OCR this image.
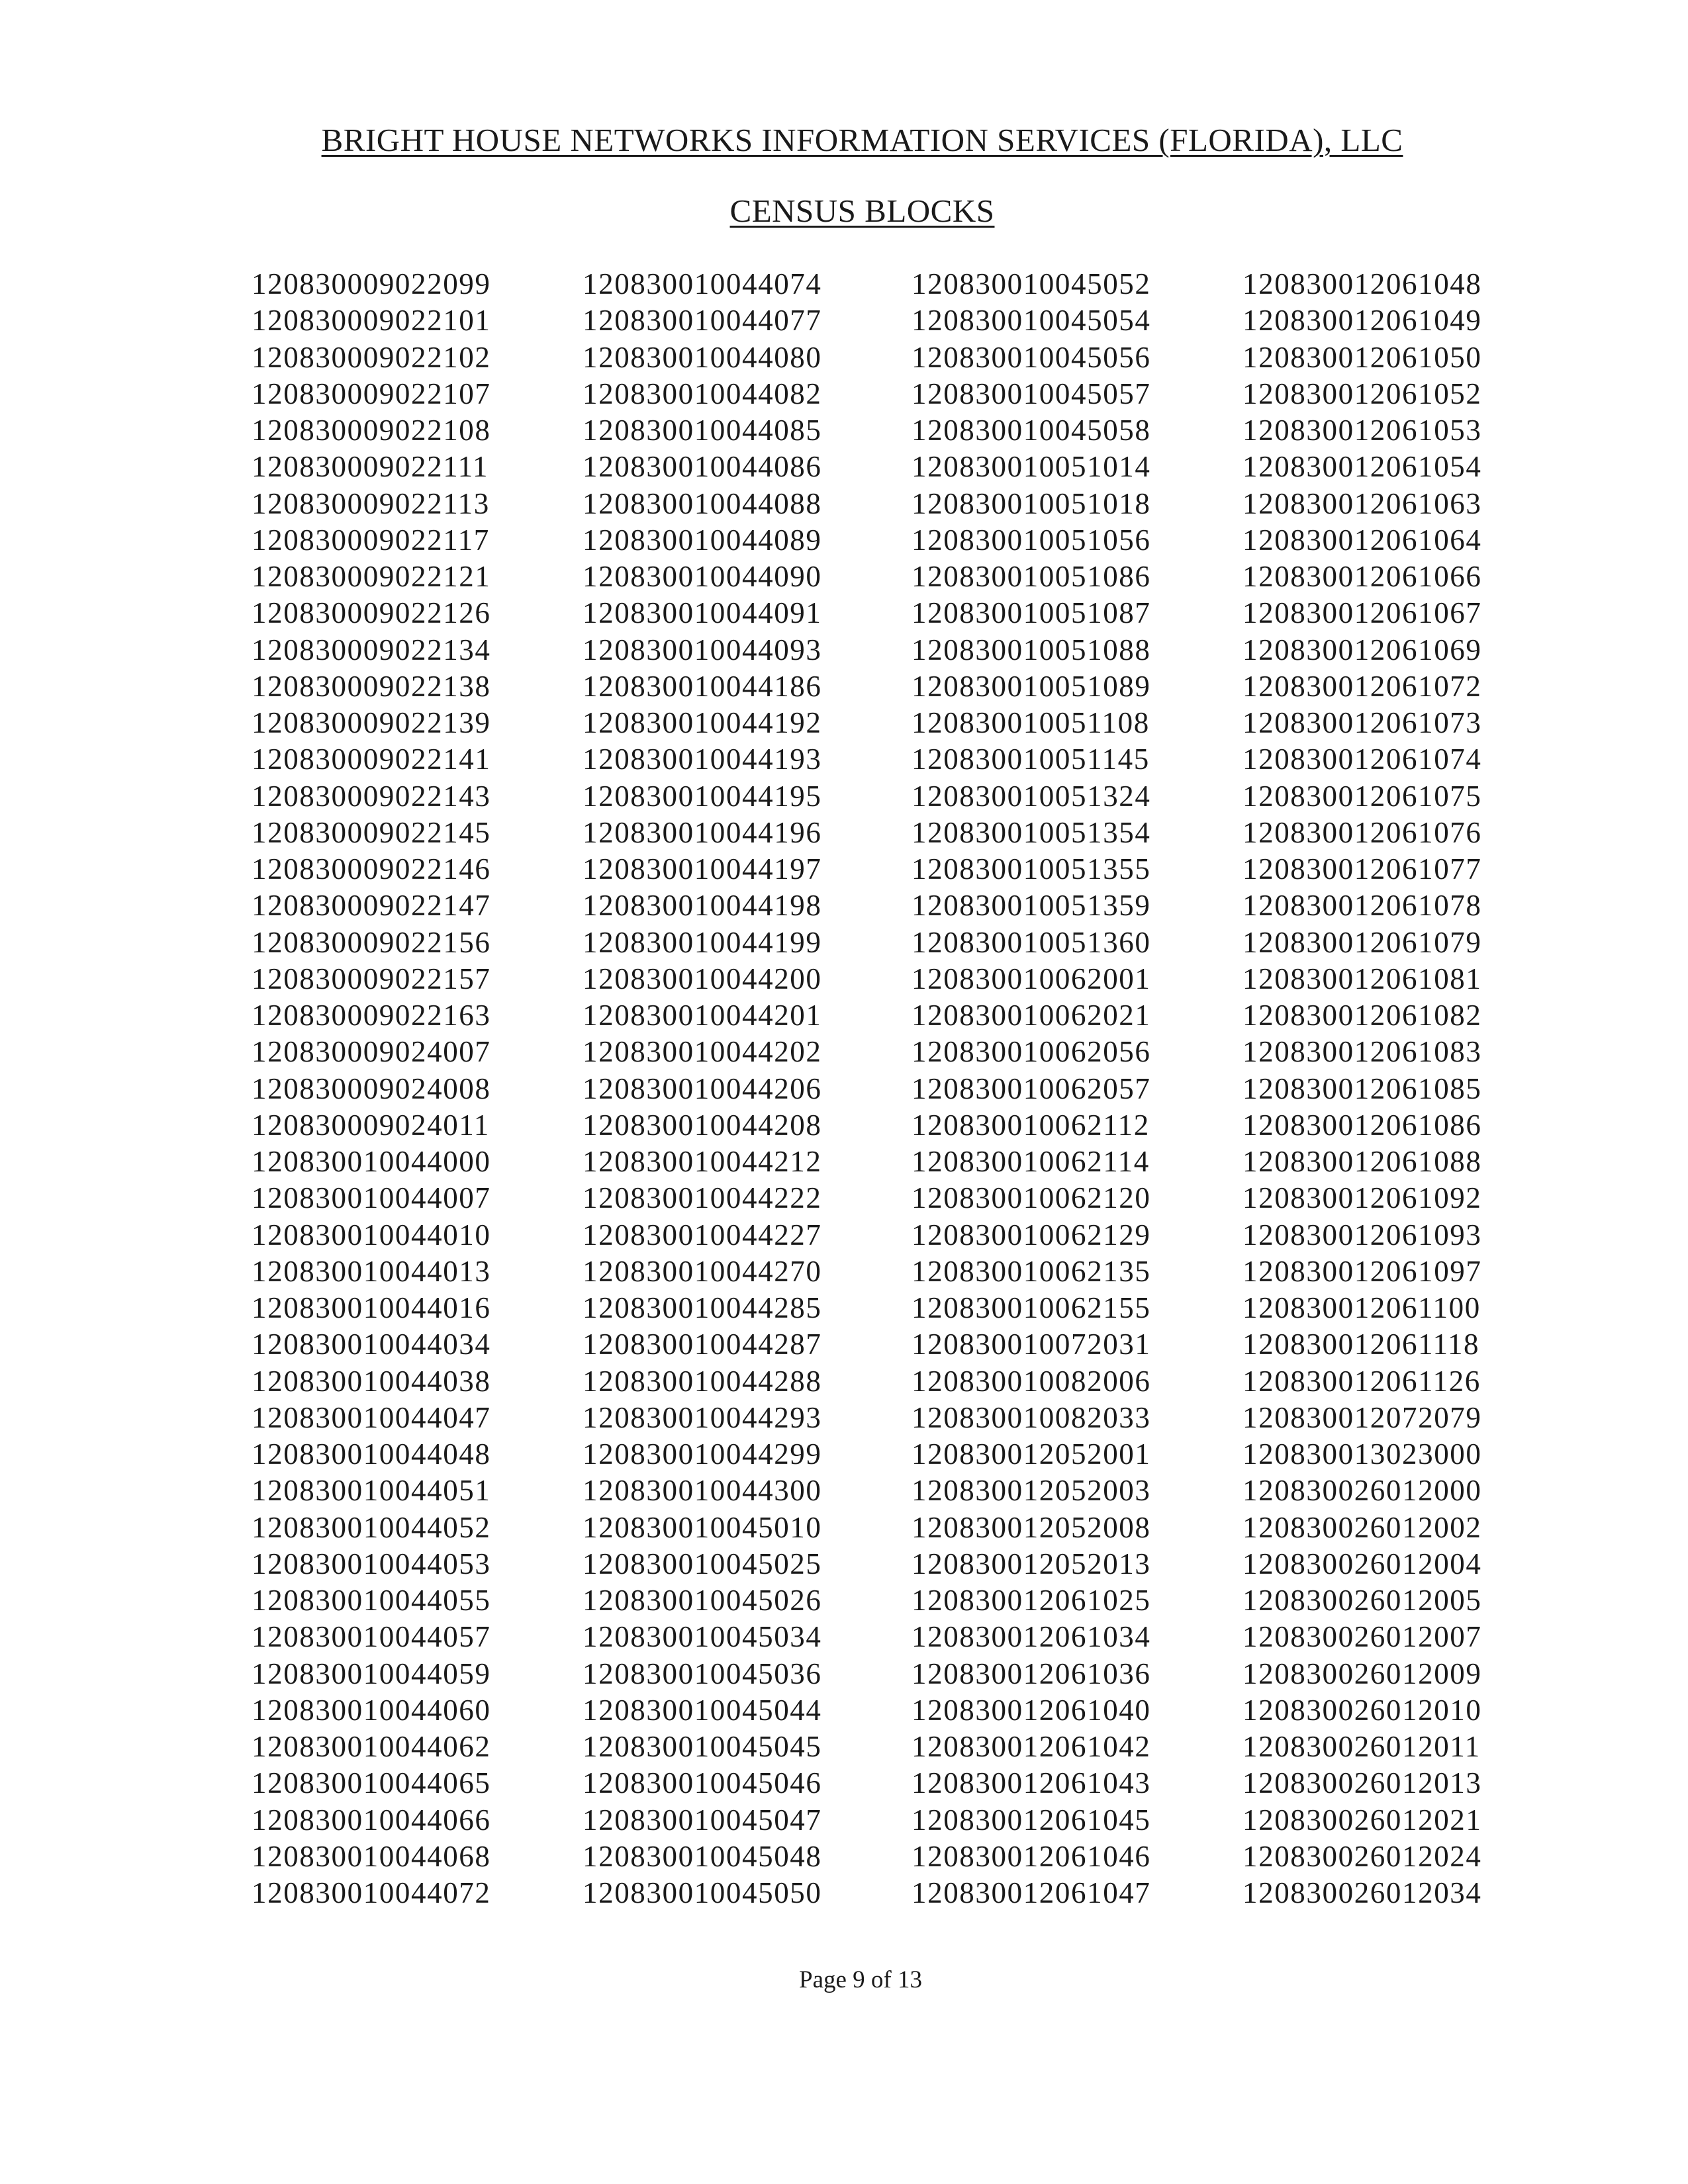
BRIGHT HOUSE NETWORKS INFORMATION SERVICES (FLORIDA), LLC
CENSUS BLOCKS
120830009022099
120830009022101
120830009022102
120830009022107
120830009022108
120830009022111
120830009022113
120830009022117
120830009022121
120830009022126
120830009022134
120830009022138
120830009022139
120830009022141
120830009022143
120830009022145
120830009022146
120830009022147
120830009022156
120830009022157
120830009022163
120830009024007
120830009024008
120830009024011
120830010044000
120830010044007
120830010044010
120830010044013
120830010044016
120830010044034
120830010044038
120830010044047
120830010044048
120830010044051
120830010044052
120830010044053
120830010044055
120830010044057
120830010044059
120830010044060
120830010044062
120830010044065
120830010044066
120830010044068
120830010044072
120830010044074
120830010044077
120830010044080
120830010044082
120830010044085
120830010044086
120830010044088
120830010044089
120830010044090
120830010044091
120830010044093
120830010044186
120830010044192
120830010044193
120830010044195
120830010044196
120830010044197
120830010044198
120830010044199
120830010044200
120830010044201
120830010044202
120830010044206
120830010044208
120830010044212
120830010044222
120830010044227
120830010044270
120830010044285
120830010044287
120830010044288
120830010044293
120830010044299
120830010044300
120830010045010
120830010045025
120830010045026
120830010045034
120830010045036
120830010045044
120830010045045
120830010045046
120830010045047
120830010045048
120830010045050
120830010045052
120830010045054
120830010045056
120830010045057
120830010045058
120830010051014
120830010051018
120830010051056
120830010051086
120830010051087
120830010051088
120830010051089
120830010051108
120830010051145
120830010051324
120830010051354
120830010051355
120830010051359
120830010051360
120830010062001
120830010062021
120830010062056
120830010062057
120830010062112
120830010062114
120830010062120
120830010062129
120830010062135
120830010062155
120830010072031
120830010082006
120830010082033
120830012052001
120830012052003
120830012052008
120830012052013
120830012061025
120830012061034
120830012061036
120830012061040
120830012061042
120830012061043
120830012061045
120830012061046
120830012061047
120830012061048
120830012061049
120830012061050
120830012061052
120830012061053
120830012061054
120830012061063
120830012061064
120830012061066
120830012061067
120830012061069
120830012061072
120830012061073
120830012061074
120830012061075
120830012061076
120830012061077
120830012061078
120830012061079
120830012061081
120830012061082
120830012061083
120830012061085
120830012061086
120830012061088
120830012061092
120830012061093
120830012061097
120830012061100
120830012061118
120830012061126
120830012072079
120830013023000
120830026012000
120830026012002
120830026012004
120830026012005
120830026012007
120830026012009
120830026012010
120830026012011
120830026012013
120830026012021
120830026012024
120830026012034
Page 9 of 13
